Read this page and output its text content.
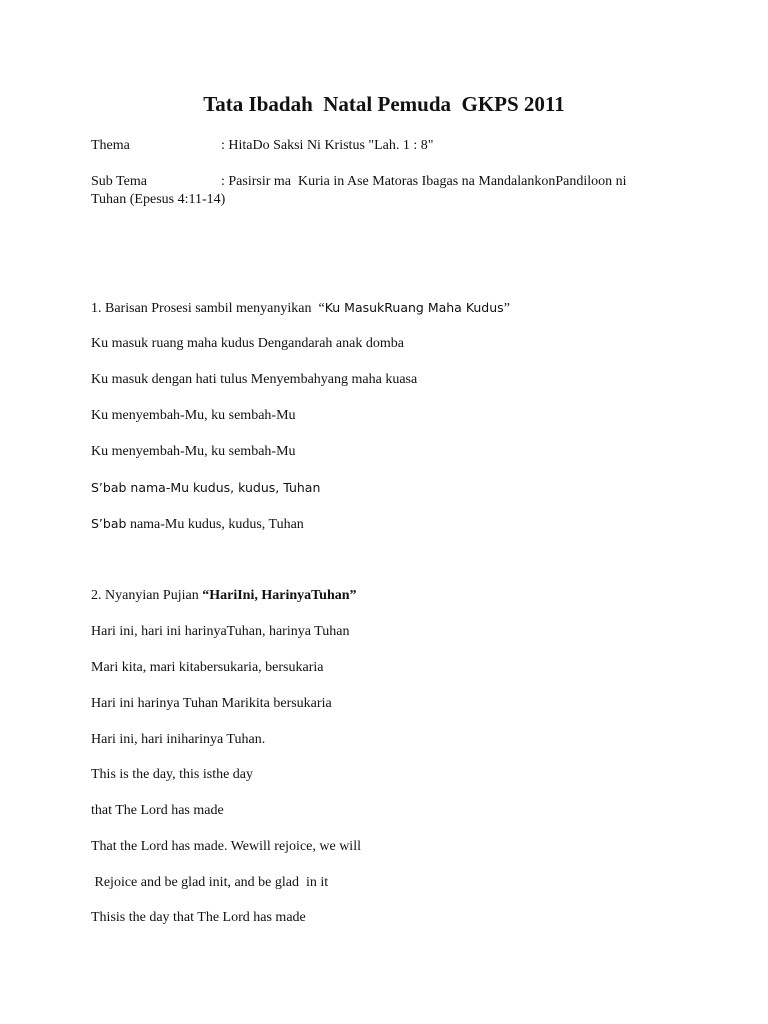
Tata Ibadah  Natal Pemuda  GKPS 2011
Thema	: HitaDo Saksi Ni Kristus "Lah. 1 : 8"
Sub Tema	: Pasirsir ma  Kuria in Ase Matoras Ibagas na MandalankonPandiloon ni
Tuhan (Epesus 4:11-14)
1. Barisan Prosesi sambil menyanyikan  “Ku MasukRuang Maha Kudus”
Ku masuk ruang maha kudus Dengandarah anak domba
Ku masuk dengan hati tulus Menyembahyang maha kuasa
Ku menyembah-Mu, ku sembah-Mu
Ku menyembah-Mu, ku sembah-Mu
S’bab nama-Mu kudus, kudus, Tuhan
S’bab nama-Mu kudus, kudus, Tuhan
2. Nyanyian Pujian “HariIni, HarinyaTuhan”
Hari ini, hari ini harinyaTuhan, harinya Tuhan
Mari kita, mari kitabersukaria, bersukaria
Hari ini harinya Tuhan Marikita bersukaria
Hari ini, hari iniharinya Tuhan.
This is the day, this isthe day
that The Lord has made
That the Lord has made. Wewill rejoice, we will
Rejoice and be glad init, and be glad  in it
Thisis the day that The Lord has made
